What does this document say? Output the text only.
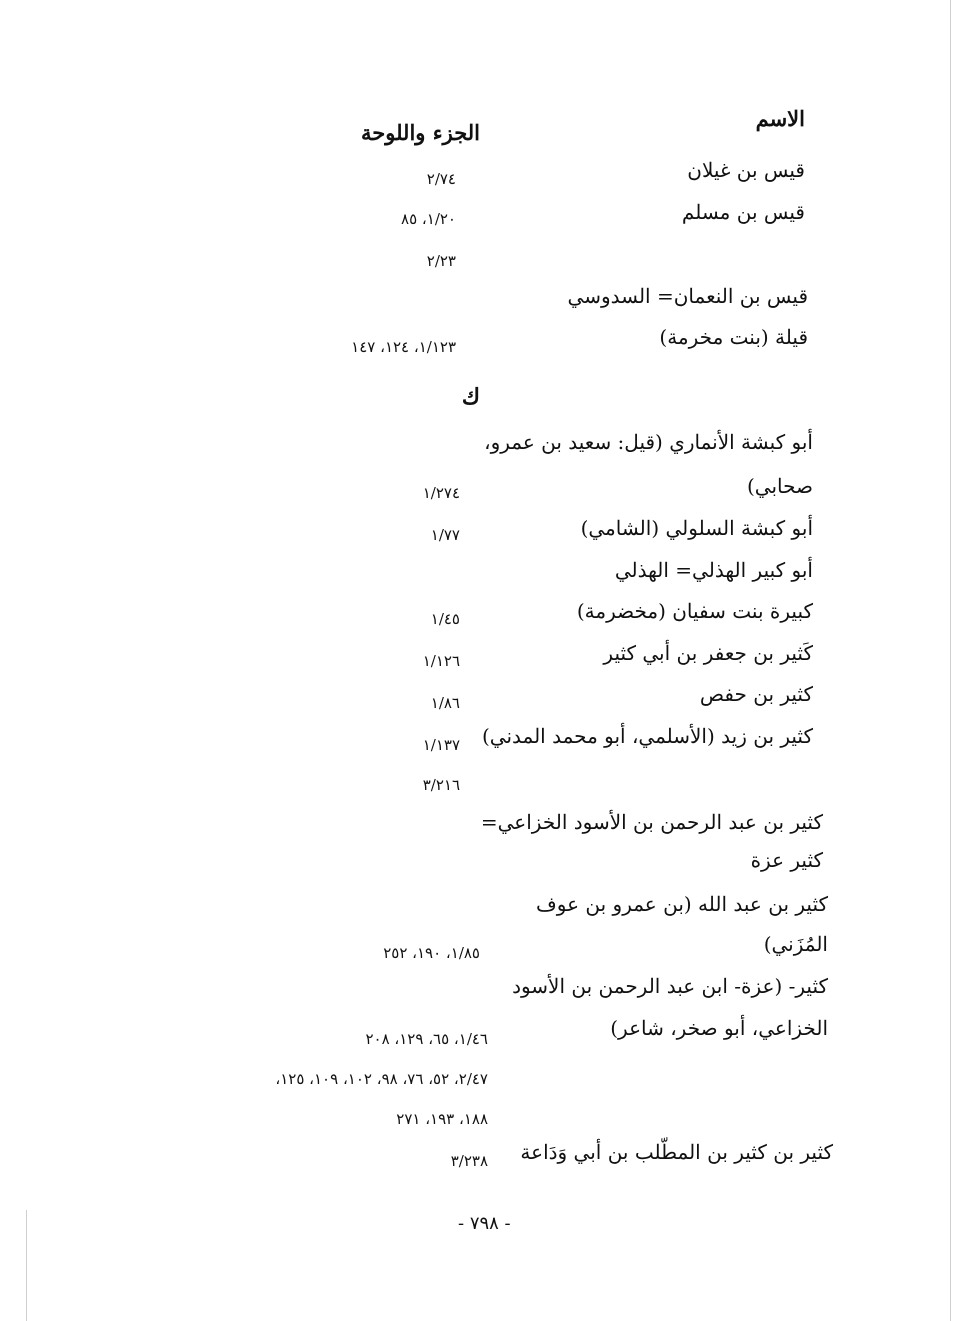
الاسم
الجزء واللوحة
قيس بن غيلان
٢/٧٤
قيس بن مسلم
١/٢٠، ٨٥
٢/٢٣
قيس بن النعمان= السدوسي
قيلة (بنت مخرمة)
١/١٢٣، ١٢٤، ١٤٧
ك
أبو كبشة الأنماري (قيل: سعيد بن عمرو،
صحابي)
١/٢٧٤
أبو كبشة السلولي (الشامي)
١/٧٧
أبو كبير الهذلي= الهذلي
كبيرة بنت سفيان (مخضرمة)
١/٤٥
كَثير بن جعفر بن أبي كثير
١/١٢٦
كثير بن حفص
١/٨٦
كثير بن زيد (الأسلمي، أبو محمد المدني)
١/١٣٧
٣/٢١٦
كثير بن عبد الرحمن بن الأسود الخزاعي=
كثير عزة
كثير بن عبد الله (بن عمرو بن عوف
المُزَني)
١/٨٥، ١٩٠، ٢٥٢
كثير- (عزة- ابن عبد الرحمن بن الأسود
الخزاعي، أبو صخر، شاعر)
١/٤٦، ٦٥، ١٢٩، ٢٠٨
٢/٤٧، ٥٢، ٧٦، ٩٨، ١٠٢، ١٠٩، ١٢٥،
١٨٨، ١٩٣، ٢٧١
كثير بن كثير بن المطّلب بن أبي وَدَاعة
٣/٢٣٨
- ٧٩٨ -
